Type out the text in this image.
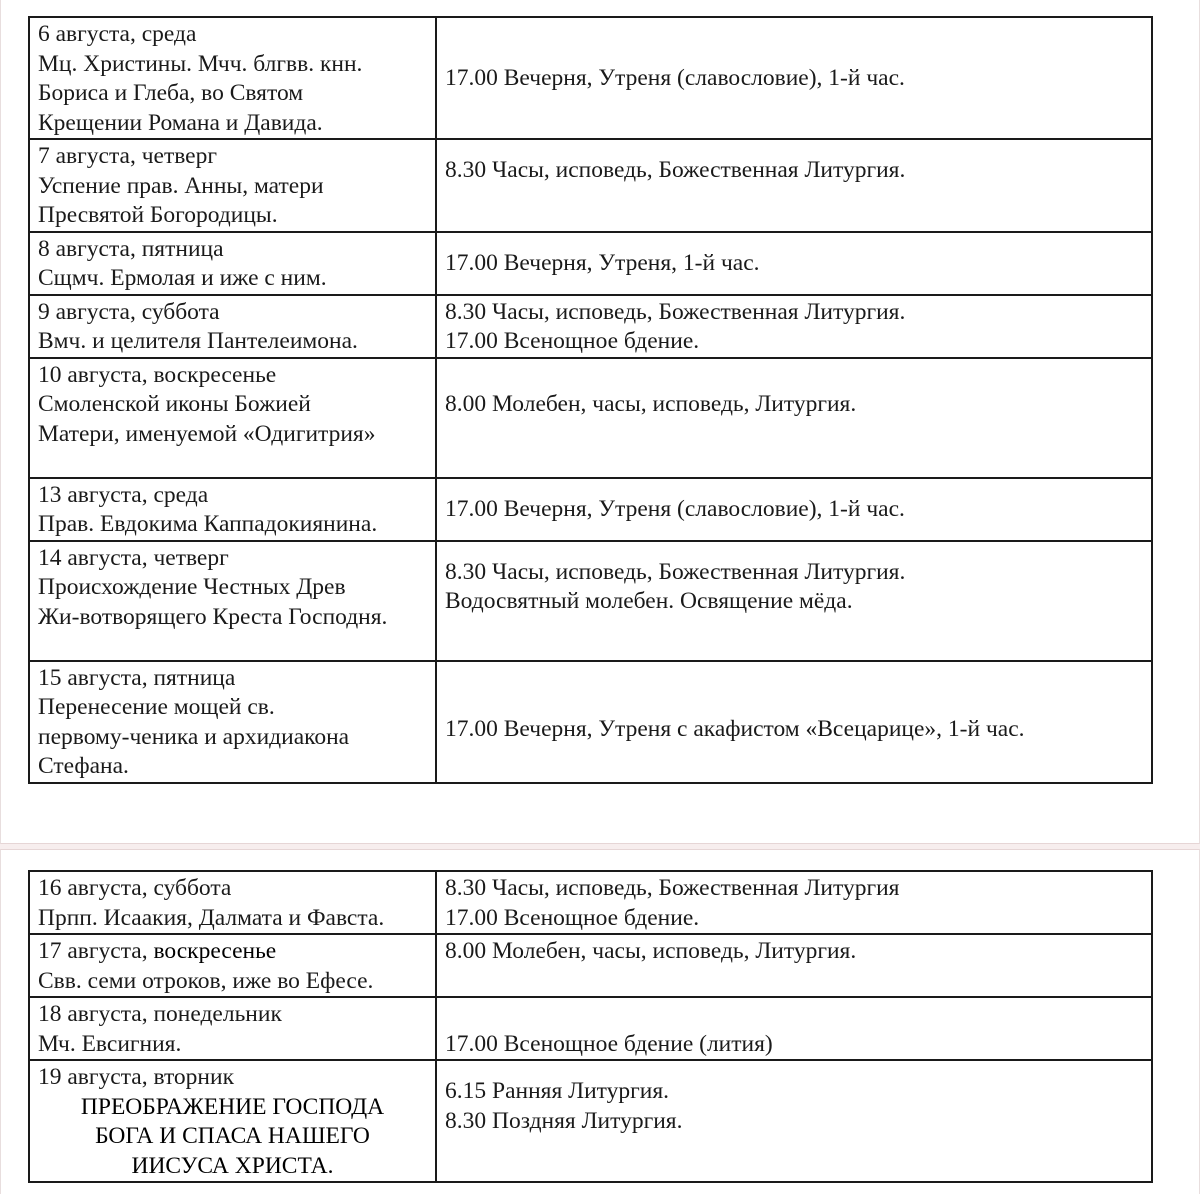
6 августа, среда
Мц. Христины. Мчч. блгвв. кнн.
Бориса и Глеба, во Святом
Крещении Романа и Давида.	17.00 Вечерня, Утреня (славословие), 1-й час.

7 августа, четверг
Успение прав. Анны, матери
Пресвятой Богородицы.	8.30 Часы, исповедь, Божественная Литургия.

8 августа, пятница
Сщмч. Ермолая и иже с ним.	17.00 Вечерня, Утреня, 1-й час.

9 августа, суббота
Вмч. и целителя Пантелеимона.	8.30 Часы, исповедь, Божественная Литургия.
17.00 Всенощное бдение.

10 августа, воскресенье
Смоленской иконы Божией
Матери, именуемой «Одигитрия»	8.00 Молебен, часы, исповедь, Литургия.

13 августа, среда
Прав. Евдокима Каппадокиянина.	17.00 Вечерня, Утреня (славословие), 1-й час.

14 августа, четверг
Происхождение Честных Древ
Жи-вотворящего Креста Господня.	8.30 Часы, исповедь, Божественная Литургия.
Водосвятный молебен. Освящение мёда.

15 августа, пятница
Перенесение мощей св.
первому-ченика и архидиакона
Стефана.	17.00 Вечерня, Утреня с акафистом «Всецарице», 1-й час.
16 августа, суббота
Прпп. Исаакия, Далмата и Фавста.	8.30 Часы, исповедь, Божественная Литургия
17.00 Всенощное бдение.

17 августа, воскресенье
Свв. семи отроков, иже во Ефесе.	8.00 Молебен, часы, исповедь, Литургия.

18 августа, понедельник
Мч. Евсигния.	17.00 Всенощное бдение (лития)

19 августа, вторник
ПРЕОБРАЖЕНИЕ ГОСПОДА
БОГА И СПАСА НАШЕГО
ИИСУСА ХРИСТА.	6.15 Ранняя Литургия.
8.30 Поздняя Литургия.
